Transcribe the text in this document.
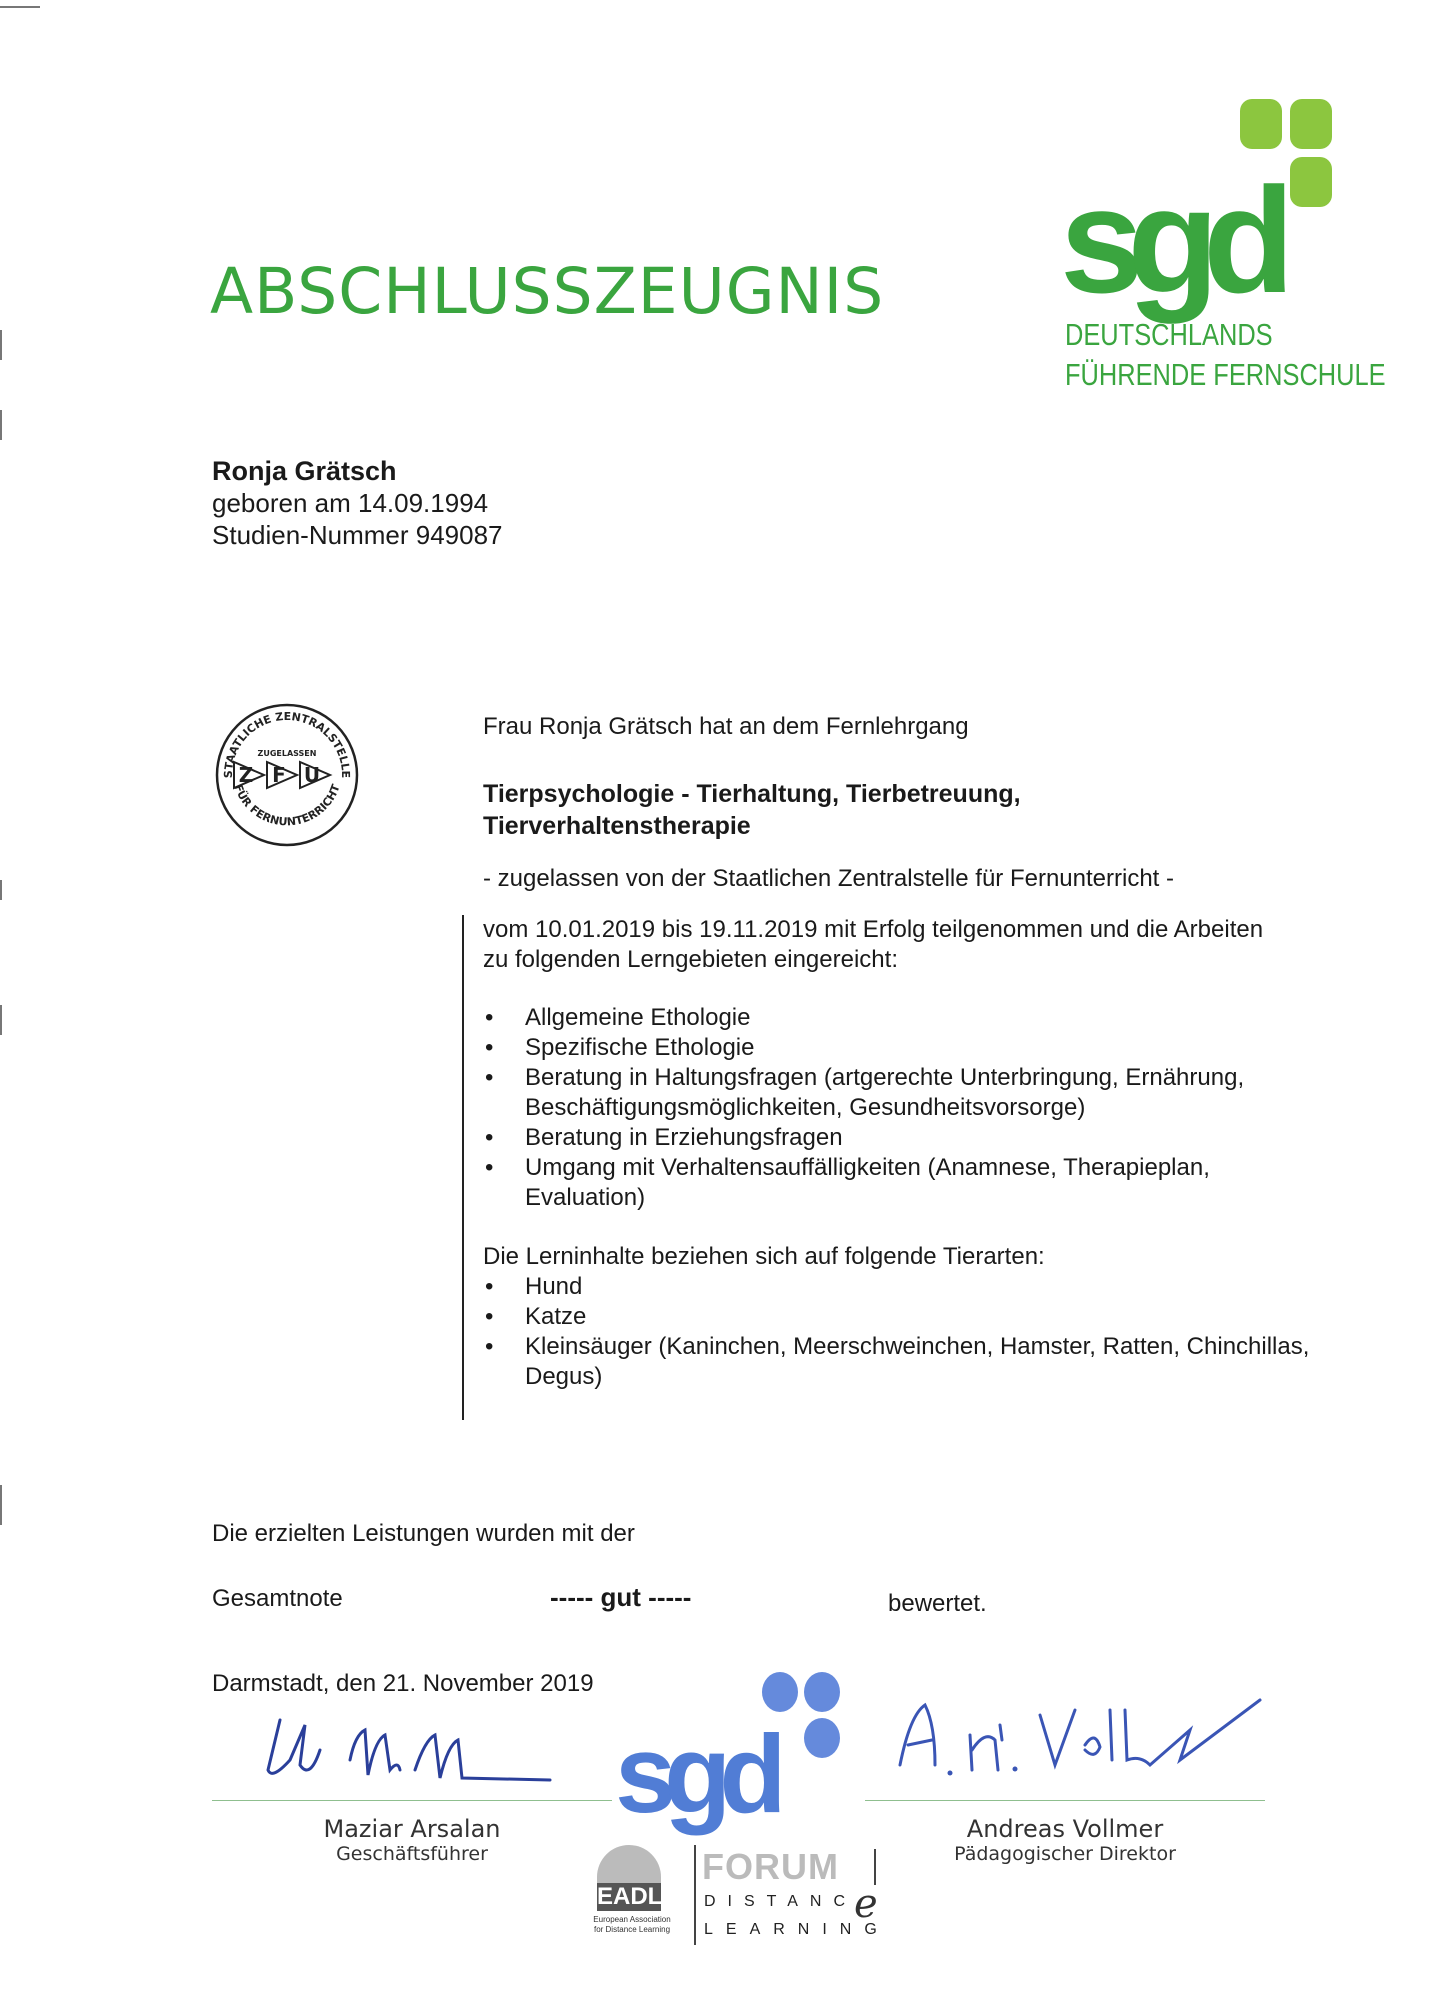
ABSCHLUSSZEUGNIS sgd
DEUTSCHLANDS
FÜHRENDE FERNSCHULE
Ronja Grätsch
geboren am 14.09.1994
Studien-Nummer 949087
STAATLICHE ZENTRALSTELLE
ZUGELASSEN
Z F U
FÜR FERNUNTERRICHT
Frau Ronja Grätsch hat an dem Fernlehrgang
Tierpsychologie - Tierhaltung, Tierbetreuung,
Tierverhaltenstherapie
- zugelassen von der Staatlichen Zentralstelle für Fernunterricht -
vom 10.01.2019 bis 19.11.2019 mit Erfolg teilgenommen und die Arbeiten
zu folgenden Lerngebieten eingereicht:
• Allgemeine Ethologie
• Spezifische Ethologie
• Beratung in Haltungsfragen (artgerechte Unterbringung, Ernährung, Beschäftigungsmöglichkeiten, Gesundheitsvorsorge)
• Beratung in Erziehungsfragen
• Umgang mit Verhaltensauffälligkeiten (Anamnese, Therapieplan, Evaluation)
Die Lerninhalte beziehen sich auf folgende Tierarten:
• Hund
• Katze
• Kleinsäuger (Kaninchen, Meerschweinchen, Hamster, Ratten, Chinchillas, Degus)
Die erzielten Leistungen wurden mit der
Gesamtnote	----- gut -----	bewertet.
Darmstadt, den 21. November 2019
Maziar Arsalan
Geschäftsführer
Andreas Vollmer
Pädagogischer Direktor
sgd
EADL
European Association
for Distance Learning
FORUM
DISTANC
e
LEARNING
